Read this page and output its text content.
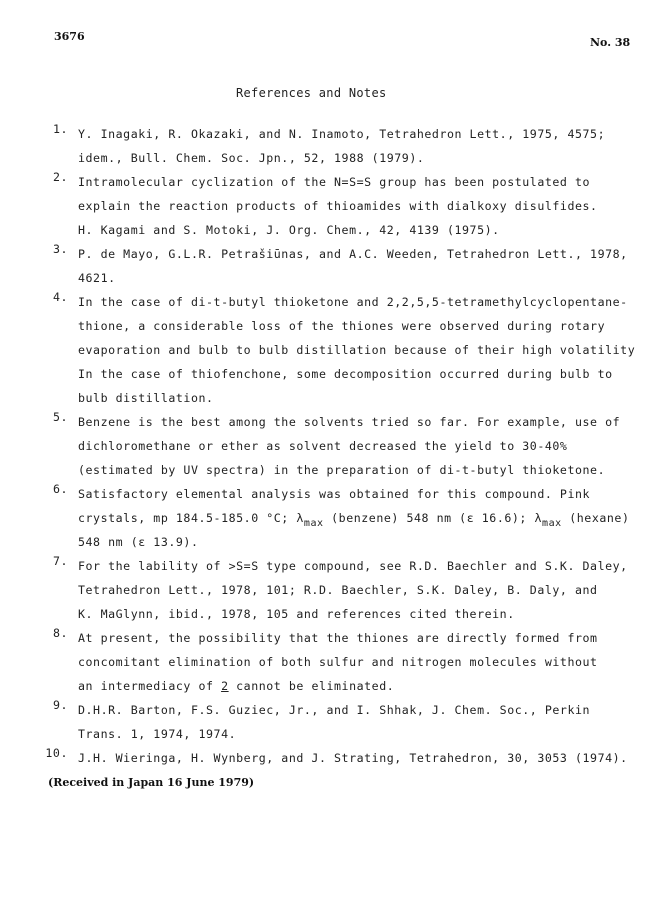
3676	No. 38
References and Notes
1. Y. Inagaki, R. Okazaki, and N. Inamoto, Tetrahedron Lett., 1975, 4575;
idem., Bull. Chem. Soc. Jpn., 52, 1988 (1979).
2. Intramolecular cyclization of the N=S=S group has been postulated to
explain the reaction products of thioamides with dialkoxy disulfides.
H. Kagami and S. Motoki, J. Org. Chem., 42, 4139 (1975).
3. P. de Mayo, G.L.R. Petrašiūnas, and A.C. Weeden, Tetrahedron Lett., 1978,
4621.
4. In the case of di-t-butyl thioketone and 2,2,5,5-tetramethylcyclopentane-
thione, a considerable loss of the thiones were observed during rotary
evaporation and bulb to bulb distillation because of their high volatility
In the case of thiofenchone, some decomposition occurred during bulb to
bulb distillation.
5. Benzene is the best among the solvents tried so far. For example, use of
dichloromethane or ether as solvent decreased the yield to 30-40%
(estimated by UV spectra) in the preparation of di-t-butyl thioketone.
6. Satisfactory elemental analysis was obtained for this compound. Pink
crystals, mp 184.5-185.0 °C; $\lambda_{max}$ (benzene) 548 nm (ε 16.6); $\lambda_{max}$ (hexane)
548 nm (ε 13.9).
7. For the lability of >S=S type compound, see R.D. Baechler and S.K. Daley,
Tetrahedron Lett., 1978, 101; R.D. Baechler, S.K. Daley, B. Daly, and
K. MaGlynn, ibid., 1978, 105 and references cited therein.
8. At present, the possibility that the thiones are directly formed from
concomitant elimination of both sulfur and nitrogen molecules without
an intermediacy of 2 cannot be eliminated.
9. D.H.R. Barton, F.S. Guziec, Jr., and I. Shhak, J. Chem. Soc., Perkin
Trans. 1, 1974, 1974.
10. J.H. Wieringa, H. Wynberg, and J. Strating, Tetrahedron, 30, 3053 (1974).
(Received in Japan 16 June 1979)
